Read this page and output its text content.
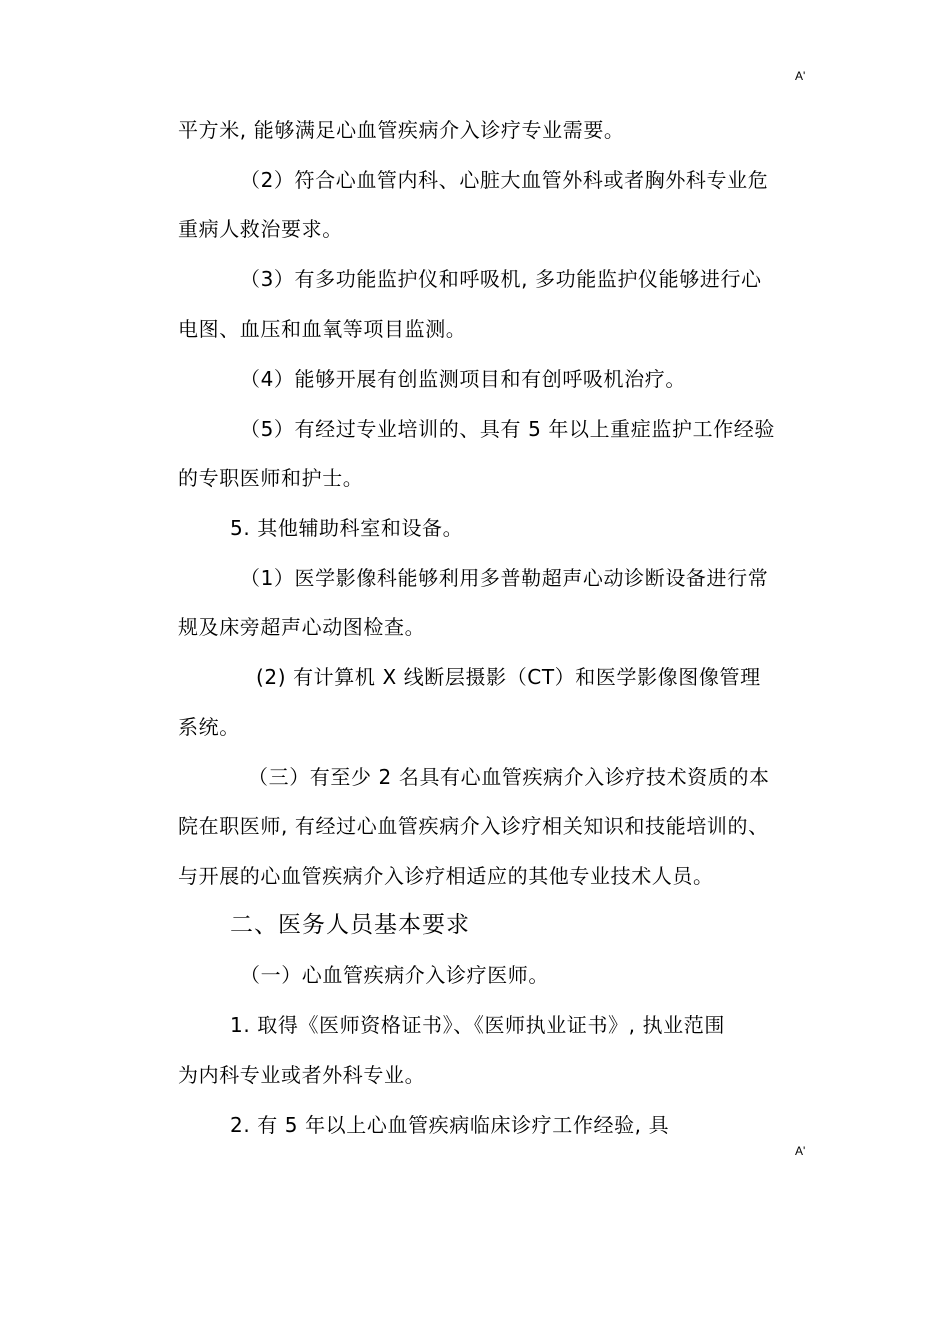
A'
平方米, 能够满足心血管疾病介入诊疗专业需要。
（2）符合心血管内科、心脏大血管外科或者胸外科专业危
重病人救治要求。
（3）有多功能监护仪和呼吸机, 多功能监护仪能够进行心
电图、血压和血氧等项目监测。
（4）能够开展有创监测项目和有创呼吸机治疗。
（5）有经过专业培训的、具有 5 年以上重症监护工作经验
的专职医师和护士。
5. 其他辅助科室和设备。
（1）医学影像科能够利用多普勒超声心动诊断设备进行常
规及床旁超声心动图检查。
(2) 有计算机 X 线断层摄影（CT）和医学影像图像管理
系统。
（三）有至少 2 名具有心血管疾病介入诊疗技术资质的本
院在职医师, 有经过心血管疾病介入诊疗相关知识和技能培训的、
与开展的心血管疾病介入诊疗相适应的其他专业技术人员。
二、医务人员基本要求
（一）心血管疾病介入诊疗医师。
1. 取得《医师资格证书》、《医师执业证书》, 执业范围
为内科专业或者外科专业。
2. 有 5 年以上心血管疾病临床诊疗工作经验, 具
A'
